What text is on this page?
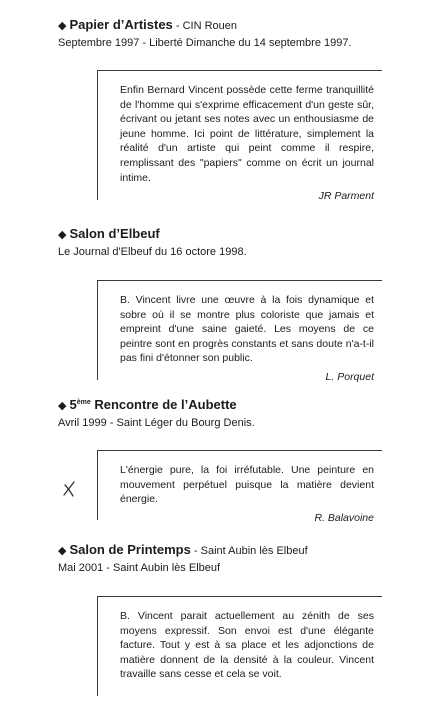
◆ Papier d’Artistes - CIN Rouen

Septembre 1997 - Liberté Dimanche du 14 septembre 1997.

Enfin Bernard Vincent possède cette ferme tranquillité de l'homme qui s'exprime efficacement d'un geste sûr, écrivant ou jetant ses notes avec un enthousiasme de jeune homme. Ici point de littérature, simplement la réalité d'un artiste qui peint comme il respire, remplissant des "papiers" comme on écrit un journal intime.

JR Parment

◆ Salon d’Elbeuf

Le Journal d'Elbeuf du 16 octore 1998.

B. Vincent livre une œuvre à la fois dynamique et sobre où il se montre plus coloriste que jamais et empreint d'une saine gaieté. Les moyens de ce peintre sont en progrès constants et sans doute n'a-t-il pas fini d'étonner son public.

L. Porquet

◆ 5ème Rencontre de l’Aubette

Avril 1999 - Saint Léger du Bourg Denis.

L'énergie pure, la foi irréfutable. Une peinture en mouvement perpétuel puisque la matière devient énergie.

R. Balavoine

◆ Salon de Printemps - Saint Aubin lès Elbeuf

Mai 2001 - Saint Aubin lès Elbeuf

B. Vincent parait actuellement au zénith de ses moyens expressif. Son envoi est d'une élégante facture. Tout y est à sa place et les adjonctions de matière donnent de la densité à la couleur. Vincent travaille sans cesse et cela se voit.
